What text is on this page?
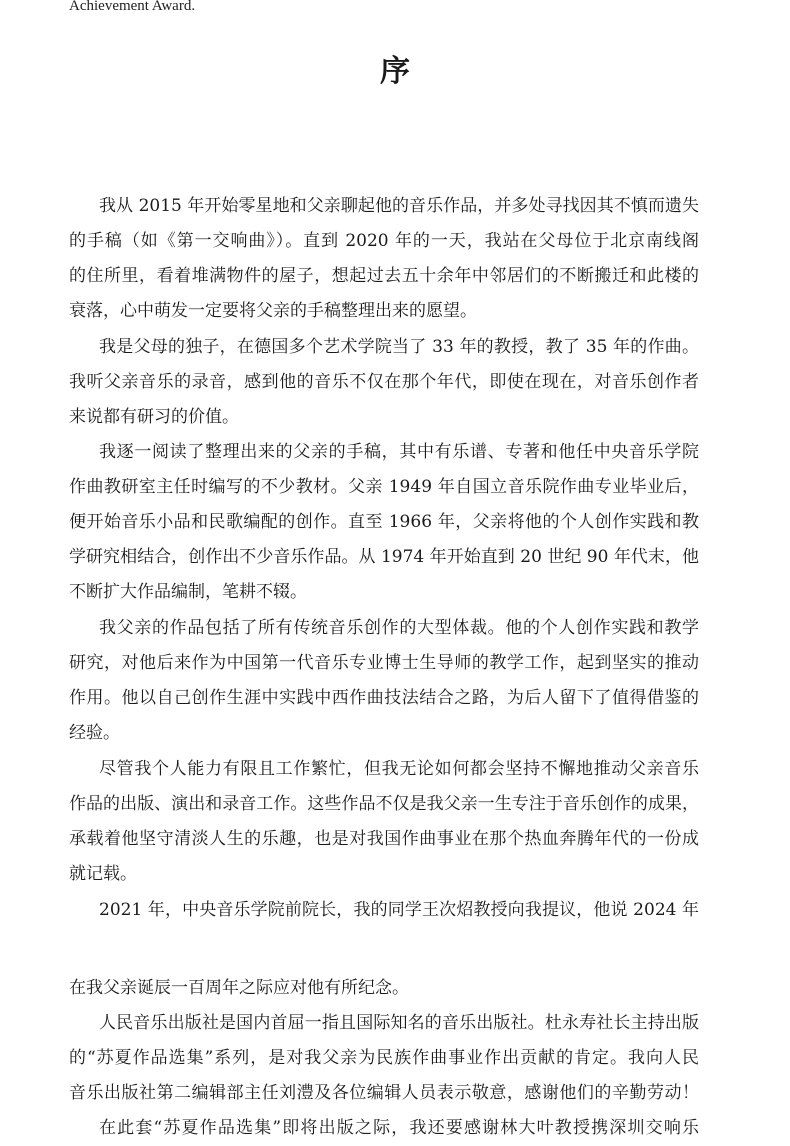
Achievement Award.
序
我从 2015 年开始零星地和父亲聊起他的音乐作品，并多处寻找因其不慎而遗失
的手稿（如《第一交响曲》）。直到 2020 年的一天，我站在父母位于北京南线阁
的住所里，看着堆满物件的屋子，想起过去五十余年中邻居们的不断搬迁和此楼的
衰落，心中萌发一定要将父亲的手稿整理出来的愿望。
我是父母的独子，在德国多个艺术学院当了 33 年的教授，教了 35 年的作曲。
我听父亲音乐的录音，感到他的音乐不仅在那个年代，即使在现在，对音乐创作者
来说都有研习的价值。
我逐一阅读了整理出来的父亲的手稿，其中有乐谱、专著和他任中央音乐学院
作曲教研室主任时编写的不少教材。父亲 1949 年自国立音乐院作曲专业毕业后，
便开始音乐小品和民歌编配的创作。直至 1966 年，父亲将他的个人创作实践和教
学研究相结合，创作出不少音乐作品。从 1974 年开始直到 20 世纪 90 年代末，他
不断扩大作品编制，笔耕不辍。
我父亲的作品包括了所有传统音乐创作的大型体裁。他的个人创作实践和教学
研究，对他后来作为中国第一代音乐专业博士生导师的教学工作，起到坚实的推动
作用。他以自己创作生涯中实践中西作曲技法结合之路，为后人留下了值得借鉴的
经验。
尽管我个人能力有限且工作繁忙，但我无论如何都会坚持不懈地推动父亲音乐
作品的出版、演出和录音工作。这些作品不仅是我父亲一生专注于音乐创作的成果，
承载着他坚守清淡人生的乐趣，也是对我国作曲事业在那个热血奔腾年代的一份成
就记载。
2021 年，中央音乐学院前院长，我的同学王次炤教授向我提议，他说 2024 年
在我父亲诞辰一百周年之际应对他有所纪念。
人民音乐出版社是国内首屈一指且国际知名的音乐出版社。杜永寿社长主持出版
的“苏夏作品选集”系列，是对我父亲为民族作曲事业作出贡献的肯定。我向人民
音乐出版社第二编辑部主任刘澧及各位编辑人员表示敬意，感谢他们的辛勤劳动！
在此套“苏夏作品选集”即将出版之际，我还要感谢林大叶教授携深圳交响乐
